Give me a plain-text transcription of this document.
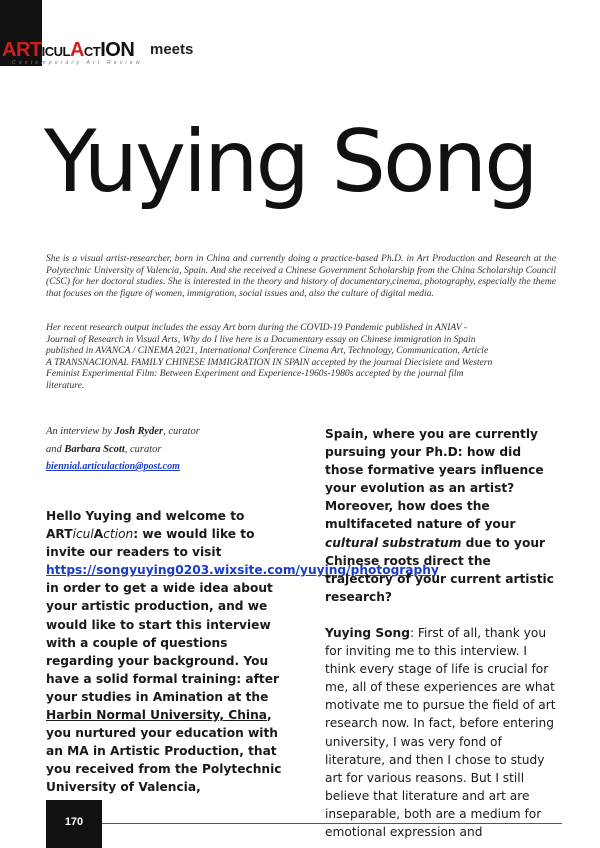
ARTICULACTION
Contemporary Art Review
meets
Yuying Song

She is a visual artist-researcher, born in China and currently doing a practice-based Ph.D. in Art Production and Research at the Polytechnic University of Valencia, Spain. And she received a Chinese Government Scholarship from the China Scholarship Council (CSC) for her doctoral studies. She is interested in the theory and history of documentary,cinema, photography, especially the theme that focuses on the figure of women, immigration, social issues and, also the culture of digital media.

Her recent research output includes the essay Art born during the COVID-19 Pandemic published in ANIAV -
Journal of Research in Visual Arts, Why do I live here is a Documentary essay on Chinese immigration in Spain
published in AVANCA / CINEMA 2021, International Conference Cinema Art, Technology, Communication, Article
A TRANSNACIONAL FAMILY CHINESE IMMIGRATION IN SPAIN accepted by the journal Diecisiete and Western
Feminist Experimental Film: Between Experiment and Experience-1960s-1980s accepted by the journal film
literature.

An interview by Josh Ryder, curator
and Barbara Scott, curator
biennial.articulaction@post.com
Hello Yuying and welcome to
ARTiculAction: we would like to invite our readers to visit https://songyuying0203.wixsite.com/yuying/photography in order to get a wide idea about your artistic production, and we would like to start this interview with a couple of questions regarding your background. You have a solid formal training: after your studies in Amination at the Harbin Normal University, China, you nurtured your education with an MA in Artistic Production, that you received from the Polytechnic University of Valencia,
Spain, where you are currently pursuing your Ph.D: how did those formative years influence your evolution as an artist? Moreover, how does the multifaceted nature of your cultural substratum due to your Chinese roots direct the trajectory of your current artistic research?
Yuying Song: First of all, thank you for inviting me to this interview. I think every stage of life is crucial for me, all of these experiences are what motivate me to pursue the field of art research now. In fact, before entering university, I was very fond of literature, and then I chose to study art for various reasons. But I still believe that literature and art are inseparable, both are a medium for emotional expression and
170
